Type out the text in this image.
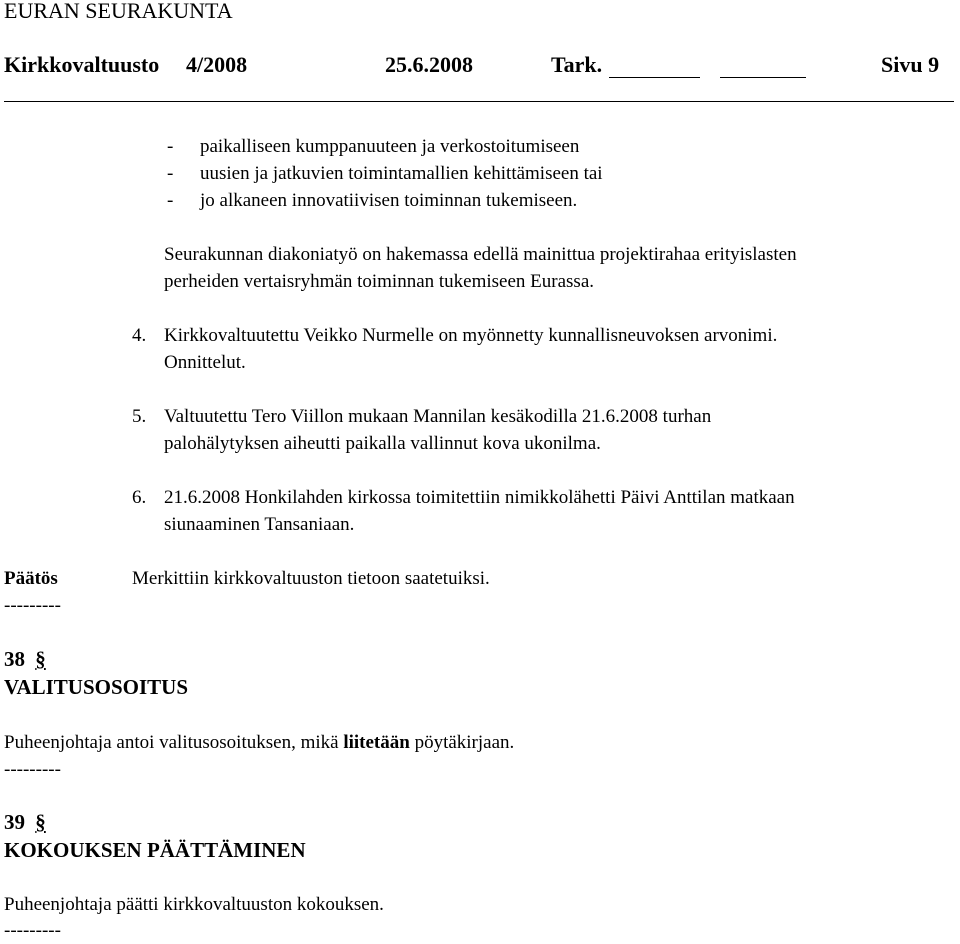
EURAN SEURAKUNTA
Kirkkovaltuusto 4/2008	25.6.2008	Tark.	Sivu 9
- paikalliseen kumppanuuteen ja verkostoitumiseen
- uusien ja jatkuvien toimintamallien kehittämiseen tai
- jo alkaneen innovatiivisen toiminnan tukemiseen.
Seurakunnan diakoniatyö on hakemassa edellä mainittua projektirahaa erityislasten
perheiden vertaisryhmän toiminnan tukemiseen Eurassa.
4. Kirkkovaltuutettu Veikko Nurmelle on myönnetty kunnallisneuvoksen arvonimi.
Onnittelut.
5. Valtuutettu Tero Viillon mukaan Mannilan kesäkodilla 21.6.2008 turhan
palohälytyksen aiheutti paikalla vallinnut kova ukonilma.
6. 21.6.2008 Honkilahden kirkossa toimitettiin nimikkolähetti Päivi Anttilan matkaan
siunaaminen Tansaniaan.
Päätös	Merkittiin kirkkovaltuuston tietoon saatetuiksi.
---------
38 §
VALITUSOSOITUS
Puheenjohtaja antoi valitusosoituksen, mikä liitetään pöytäkirjaan.
---------
39 §
KOKOUKSEN PÄÄTTÄMINEN
Puheenjohtaja päätti kirkkovaltuuston kokouksen.
---------
